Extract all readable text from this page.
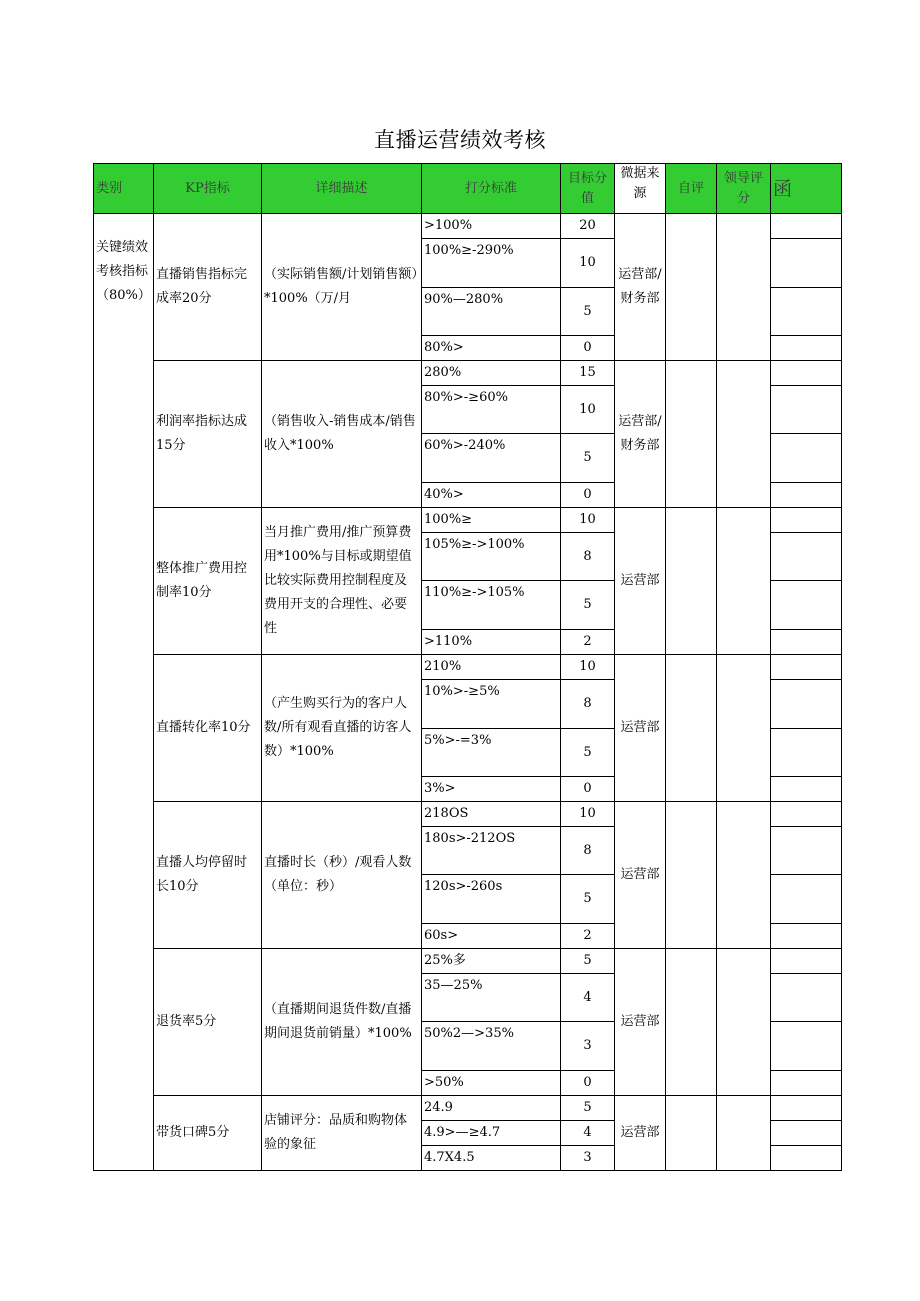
直播运营绩效考核
类别	KP指标	详细描述	打分标准	目标分值	微据来源	自评	领导评分	函
关键绩效考核指标（80%）	直播销售指标完成率20分	（实际销售额/计划销售额）*100%（万/月	>100%	20	运营部/财务部			
			100%≥-290%	10				
			90%—280%	5				
			80%>	0				
	利润率指标达成15分	（销售收入-销售成本/销售收入*100%	280%	15	运营部/财务部			
			80%>-≥60%	10				
			60%>-240%	5				
			40%>	0				
	整体推广费用控制率10分	当月推广费用/推广预算费用*100%与目标或期望值比较实际费用控制程度及费用开支的合理性、必要性	100%≥	10	运营部			
			105%≥->100%	8				
			110%≥->105%	5				
			>110%	2				
	直播转化率10分	（产生购买行为的客户人数/所有观看直播的访客人数）*100%	210%	10	运营部			
			10%>-≥5%	8				
			5%>-=3%	5				
			3%>	0				
	直播人均停留时长10分	直播时长（秒）/观看人数（单位：秒）	218OS	10	运营部			
			180s>-212OS	8				
			120s>-260s	5				
			60s>	2				
	退货率5分	（直播期间退货件数/直播期间退货前销量）*100%	25%多	5	运营部			
			35—25%	4				
			50%2—>35%	3				
			>50%	0				
	带货口碑5分	店铺评分：品质和购物体验的象征	24.9	5	运营部			
			4.9>—≥4.7	4				
			4.7X4.5	3				
